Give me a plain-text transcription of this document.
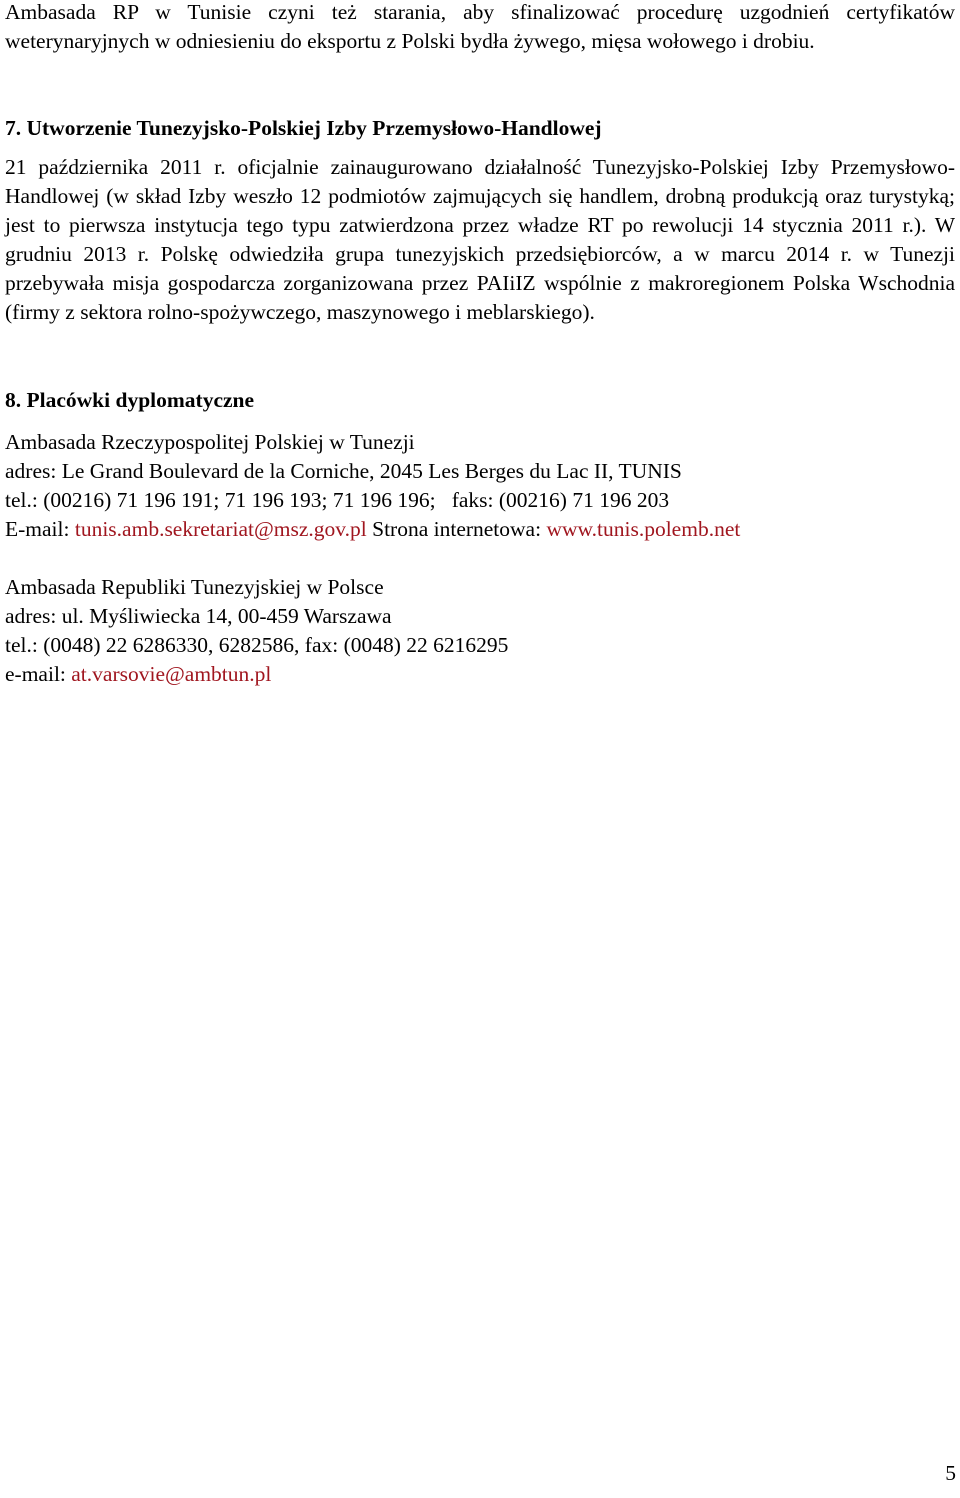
Ambasada RP w Tunisie czyni też starania, aby sfinalizować procedurę uzgodnień certyfikatów weterynaryjnych w odniesieniu do eksportu z Polski bydła żywego, mięsa wołowego i drobiu.

7. Utworzenie Tunezyjsko-Polskiej Izby Przemysłowo-Handlowej

21 października 2011 r. oficjalnie zainaugurowano działalność Tunezyjsko-Polskiej Izby Przemysłowo-Handlowej (w skład Izby weszło 12 podmiotów zajmujących się handlem, drobną produkcją oraz turystyką; jest to pierwsza instytucja tego typu zatwierdzona przez władze RT po rewolucji 14 stycznia 2011 r.). W grudniu 2013 r. Polskę odwiedziła grupa tunezyjskich przedsiębiorców, a w marcu 2014 r. w Tunezji przebywała misja gospodarcza zorganizowana przez PAIiIZ wspólnie z makroregionem Polska Wschodnia (firmy z sektora rolno-spożywczego, maszynowego i meblarskiego).

8. Placówki dyplomatyczne

Ambasada Rzeczypospolitej Polskiej w Tunezji

adres: Le Grand Boulevard de la Corniche, 2045 Les Berges du Lac II, TUNIS

tel.: (00216) 71 196 191; 71 196 193; 71 196 196;   faks: (00216) 71 196 203

E-mail: tunis.amb.sekretariat@msz.gov.pl Strona internetowa: www.tunis.polemb.net

Ambasada Republiki Tunezyjskiej w Polsce

adres: ul. Myśliwiecka 14, 00-459 Warszawa

tel.: (0048) 22 6286330, 6282586, fax: (0048) 22 6216295

e-mail: at.varsovie@ambtun.pl

5
